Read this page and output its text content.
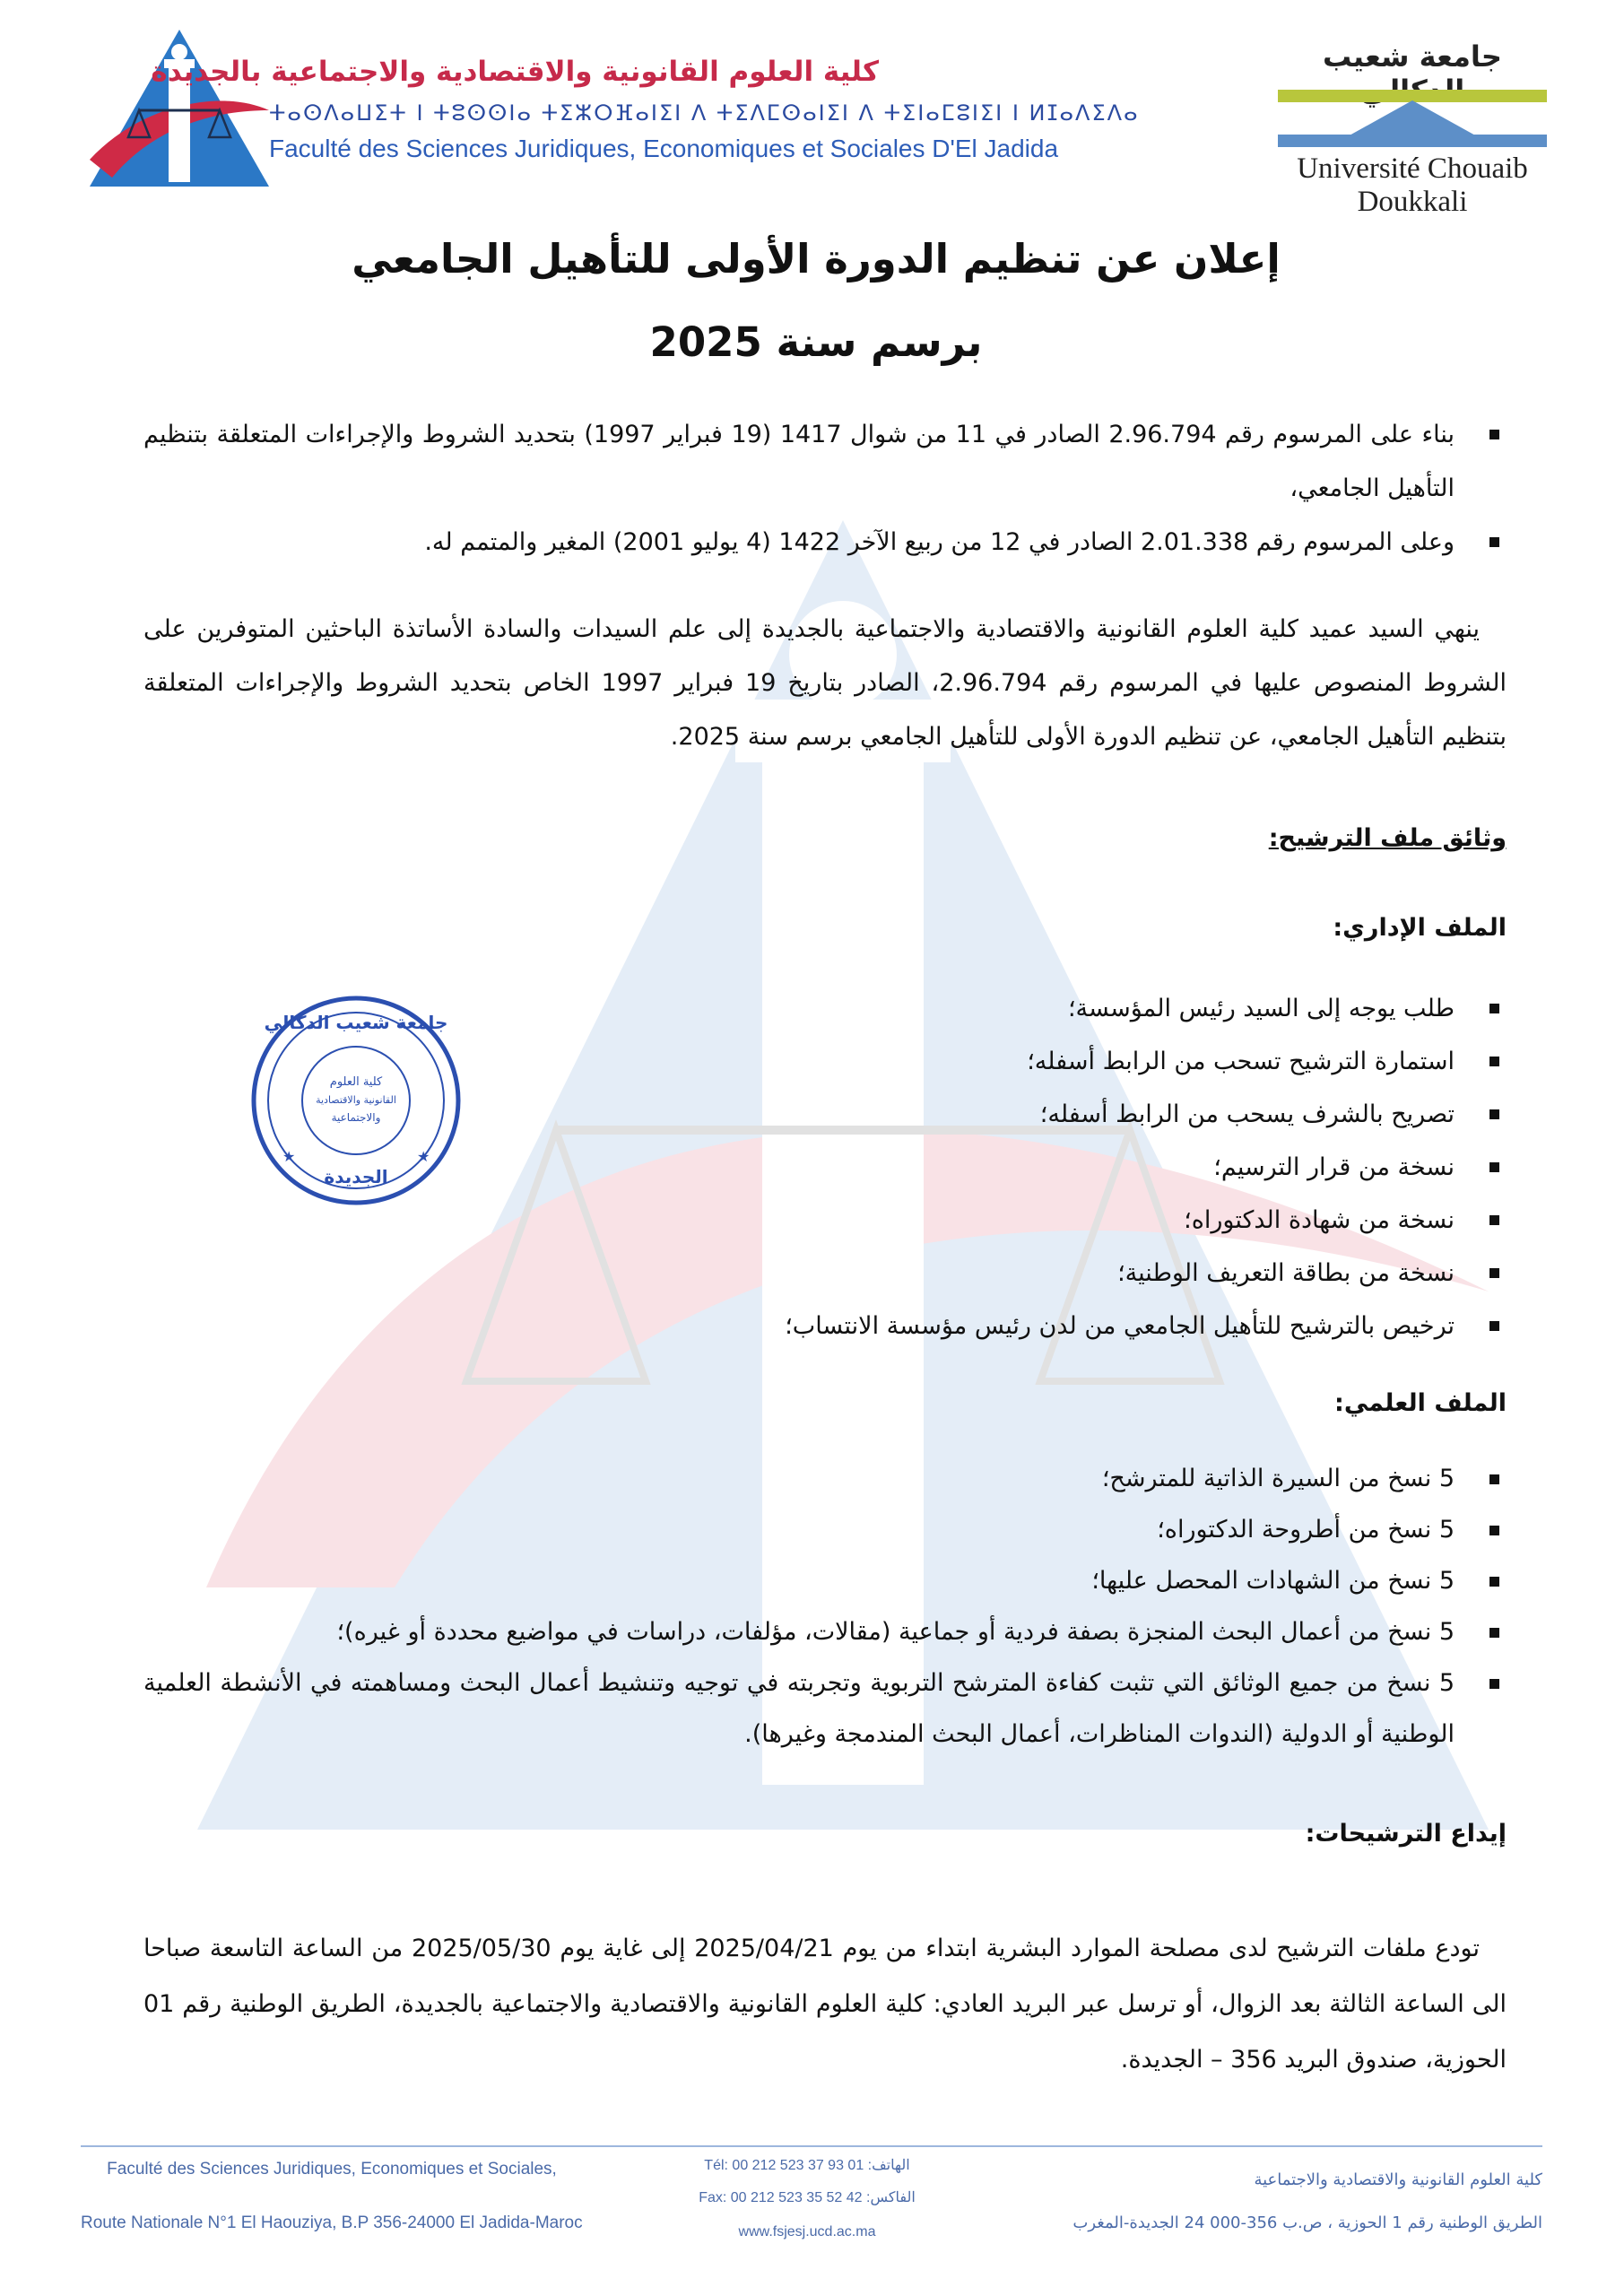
كلية العلوم القانونية والاقتصادية والاجتماعية بالجديدة
ⵜⴰⵙⴷⴰⵡⵉⵜ ⵏ ⵜⵓⵙⵙⵏⴰ ⵜⵉⵣⵔⴼⴰⵏⵉⵏ ⴷ ⵜⵉⴷⵎⵙⴰⵏⵉⵏ ⴷ ⵜⵉⵏⴰⵎⵓⵏⵉⵏ ⵏ ⵍⵊⴰⴷⵉⴷⴰ
Faculté des Sciences Juridiques, Economiques et Sociales D'El Jadida
جامعة شعيب
Université Chouaib Doukkali
إعلان عن تنظيم الدورة الأولى للتأهيل الجامعي
برسم سنة 2025
بناء على المرسوم رقم 2.96.794 الصادر في 11 من شوال 1417 (19 فبراير 1997) بتحديد الشروط والإجراءات المتعلقة بتنظيم التأهيل الجامعي،
وعلى المرسوم رقم 2.01.338 الصادر في 12 من ربيع الآخر 1422 (4 يوليو 2001) المغير والمتمم له.

ينهي السيد عميد كلية العلوم القانونية والاقتصادية والاجتماعية بالجديدة إلى علم السيدات والسادة الأساتذة الباحثين المتوفرين على الشروط المنصوص عليها في المرسوم رقم 2.96.794، الصادر بتاريخ 19 فبراير 1997 الخاص بتحديد الشروط والإجراءات المتعلقة بتنظيم التأهيل الجامعي، عن تنظيم الدورة الأولى للتأهيل الجامعي برسم سنة 2025.

وثائق ملف الترشيح:
الملف الإداري:
طلب يوجه إلى السيد رئيس المؤسسة؛
استمارة الترشيح تسحب من الرابط أسفله؛
تصريح بالشرف يسحب من الرابط أسفله؛
نسخة من قرار الترسيم؛
نسخة من شهادة الدكتوراه؛
نسخة من بطاقة التعريف الوطنية؛
ترخيص بالترشيح للتأهيل الجامعي من لدن رئيس مؤسسة الانتساب؛
الملف العلمي:
5 نسخ من السيرة الذاتية للمترشح؛
5 نسخ من أطروحة الدكتوراه؛
5 نسخ من الشهادات المحصل عليها؛
5 نسخ من أعمال البحث المنجزة بصفة فردية أو جماعية (مقالات، مؤلفات، دراسات في مواضيع محددة أو غيره)؛
5 نسخ من جميع الوثائق التي تثبت كفاءة المترشح التربوية وتجربته في توجيه وتنشيط أعمال البحث ومساهمته في الأنشطة العلمية الوطنية أو الدولية (الندوات المناظرات، أعمال البحث المندمجة وغيرها).
إيداع الترشيحات:

تودع ملفات الترشيح لدى مصلحة الموارد البشرية ابتداء من يوم 2025/04/21 إلى غاية يوم 2025/05/30 من الساعة التاسعة صباحا الى الساعة الثالثة بعد الزوال، أو ترسل عبر البريد العادي: كلية العلوم القانونية والاقتصادية والاجتماعية بالجديدة، الطريق الوطنية رقم 01 الحوزية، صندوق البريد 356 – الجديدة.

جامعة شعيب الدكالي
كلية العلوم
القانونية والاقتصادية
والاجتماعية
الجديدة
★	★
Faculté des Sciences Juridiques, Economiques et Sociales,
Route Nationale N°1 El Haouziya, B.P 356-24000 El Jadida-Maroc
Tél: 00 212 523 37 93 01 :الهاتف
Fax: 00 212 523 35 52 42 :الفاكس
www.fsjesj.ucd.ac.ma
كلية العلوم القانونية والاقتصادية والاجتماعية
الطريق الوطنية رقم 1 الحوزية ، ص.ب 356-000 24 الجديدة-المغرب
